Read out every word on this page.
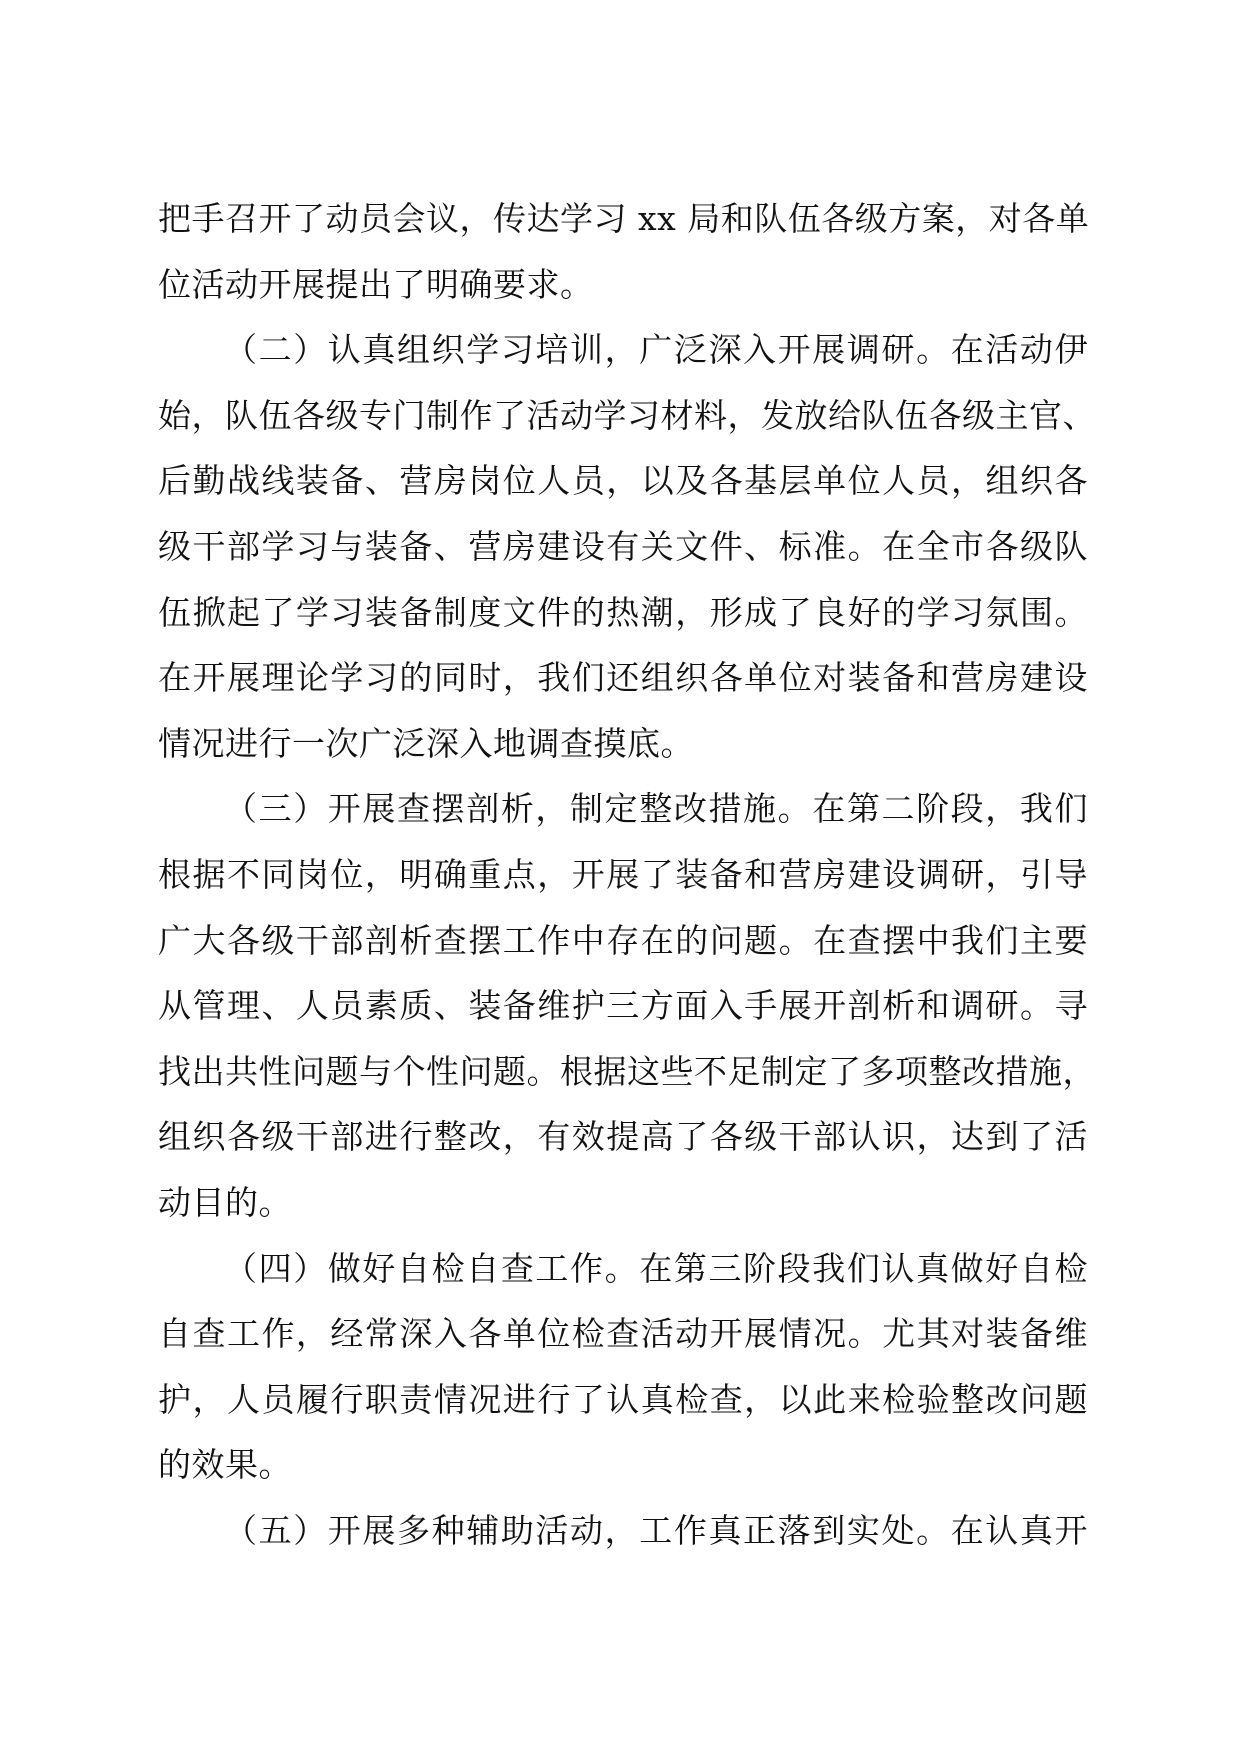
把手召开了动员会议，传达学习 xx 局和队伍各级方案，对各单
位活动开展提出了明确要求。
（二）认真组织学习培训，广泛深入开展调研。在活动伊
始，队伍各级专门制作了活动学习材料，发放给队伍各级主官、
后勤战线装备、营房岗位人员，以及各基层单位人员，组织各
级干部学习与装备、营房建设有关文件、标准。在全市各级队
伍掀起了学习装备制度文件的热潮，形成了良好的学习氛围。
在开展理论学习的同时，我们还组织各单位对装备和营房建设
情况进行一次广泛深入地调查摸底。
（三）开展查摆剖析，制定整改措施。在第二阶段，我们
根据不同岗位，明确重点，开展了装备和营房建设调研，引导
广大各级干部剖析查摆工作中存在的问题。在查摆中我们主要
从管理、人员素质、装备维护三方面入手展开剖析和调研。寻
找出共性问题与个性问题。根据这些不足制定了多项整改措施，
组织各级干部进行整改，有效提高了各级干部认识，达到了活
动目的。
（四）做好自检自查工作。在第三阶段我们认真做好自检
自查工作，经常深入各单位检查活动开展情况。尤其对装备维
护，人员履行职责情况进行了认真检查，以此来检验整改问题
的效果。
（五）开展多种辅助活动，工作真正落到实处。在认真开
